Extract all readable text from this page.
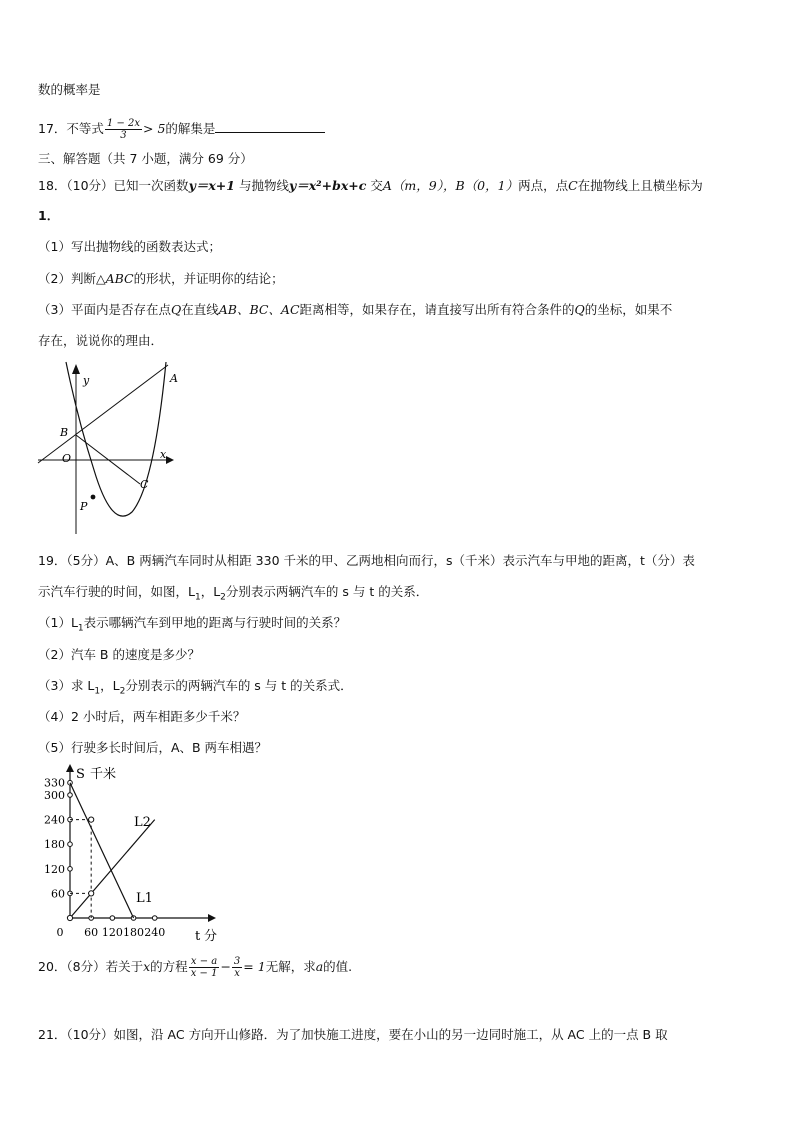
数的概率是
17．不等式 $\frac{1 - 2x}{3} > 5$的解集是
三、解答题（共 7 小题，满分 69 分）
18．（10分）已知一次函数y＝x+1 与抛物线y＝x²+bx+c 交A（m，9），B（0，1）两点，点C在抛物线上且横坐标为
1．
（1）写出抛物线的函数表达式；
（2）判断△ABC的形状，并证明你的结论；
（3）平面内是否存在点Q在直线AB、BC、AC距离相等，如果存在，请直接写出所有符合条件的Q的坐标，如果不
存在，说说你的理由．
y	A
B
O	x
C
P
19．（5分）A、B 两辆汽车同时从相距 330 千米的甲、乙两地相向而行，s（千米）表示汽车与甲地的距离，t（分）表
示汽车行驶的时间，如图，$L_1$，$L_2$分别表示两辆汽车的 s 与 t 的关系．
$(1)L_1$表示哪辆汽车到甲地的距离与行驶时间的关系？
（2）汽车 B 的速度是多少？
（3）求 $L_1$，$L_2$分别表示的两辆汽车的 s 与 t 的关系式．
（4）2 小时后，两车相距多少千米？
（5）行驶多长时间后，A、B 两车相遇？
S 千米
t 分
60
120
180
240
300
330
0 60 120 180 240
L1
L2
20．（8分）若关于x的方程 $\frac{x - a}{x - 1} - \frac{3}{x} = 1$无解，求a的值.
21．（10分）如图，沿 AC 方向开山修路．为了加快施工进度，要在小山的另一边同时施工，从 AC 上的一点 B 取
